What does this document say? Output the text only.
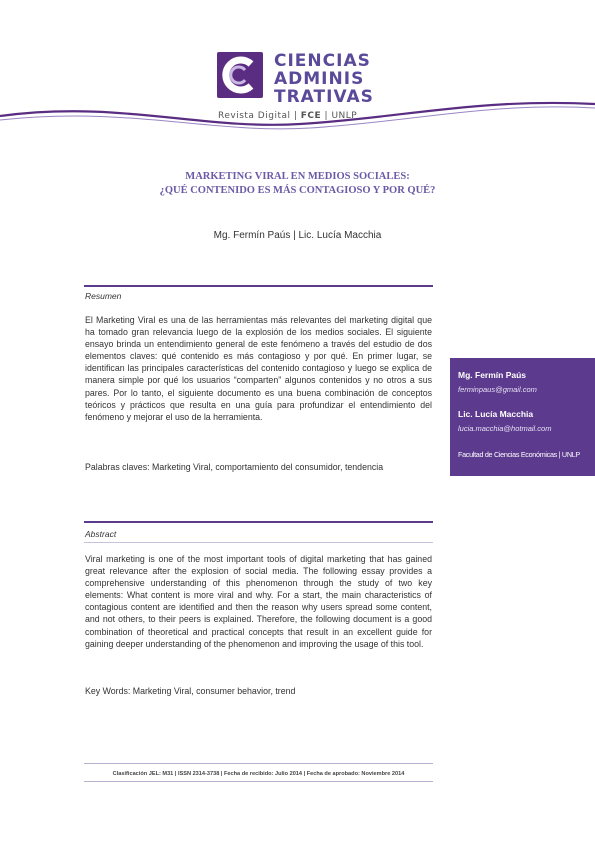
CIENCIAS
ADMINIS
TRATIVAS
Revista Digital | FCE | UNLP
MARKETING VIRAL EN MEDIOS SOCIALES:
¿QUÉ CONTENIDO ES MÁS CONTAGIOSO Y POR QUÉ?
Mg. Fermín Paús | Lic. Lucía Macchia
Resumen
El Marketing Viral es una de las herramientas más relevantes del marketing digital que ha tomado gran relevancia luego de la explosión de los medios sociales. El siguiente ensayo brinda un entendimiento general de este fenómeno a través del estudio de dos elementos claves: qué contenido es más contagioso y por qué. En primer lugar, se identifican las principales características del contenido contagioso y luego se explica de manera simple por qué los usuarios “comparten” algunos contenidos y no otros a sus pares. Por lo tanto, el siguiente documento es una buena combinación de conceptos teóricos y prácticos que resulta en una guía para profundizar el entendimiento del fenómeno y mejorar el uso de la herramienta.
Palabras claves: Marketing Viral, comportamiento del consumidor, tendencia
Mg. Fermín Paús
ferminpaus@gmail.com
Lic. Lucía Macchia
lucia.macchia@hotmail.com
Facultad de Ciencias Económicas | UNLP
Abstract
Viral marketing is one of the most important tools of digital marketing that has gained great relevance after the explosion of social media. The following essay provides a comprehensive understanding of this phenomenon through the study of two key elements: What content is more viral and why. For a start, the main characteristics of contagious content are identified and then the reason why users spread some content, and not others, to their peers is explained. Therefore, the following document is a good combination of theoretical and practical concepts that result in an excellent guide for gaining deeper understanding of the phenomenon and improving the usage of this tool.
Key Words: Marketing Viral, consumer behavior, trend
Clasificación JEL: M31 | ISSN 2314-3738 | Fecha de recibido: Julio 2014 | Fecha de aprobado: Noviembre 2014
